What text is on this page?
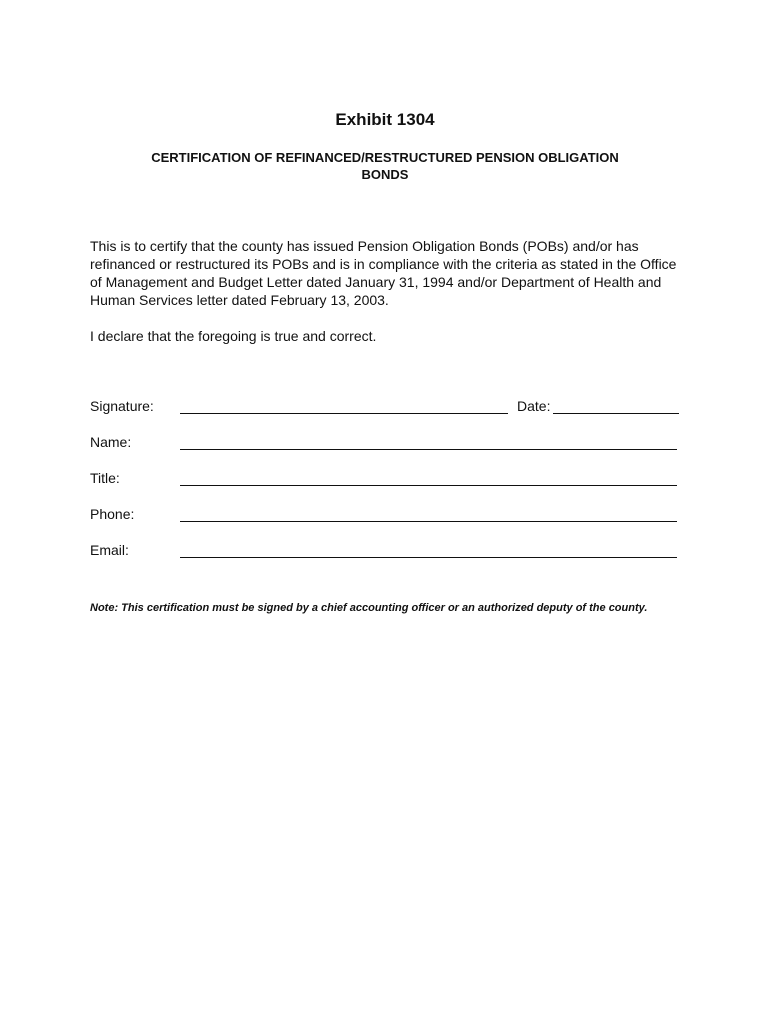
Exhibit 1304
CERTIFICATION OF REFINANCED/RESTRUCTURED PENSION OBLIGATION
BONDS
This is to certify that the county has issued Pension Obligation Bonds (POBs) and/or has refinanced or restructured its POBs and is in compliance with the criteria as stated in the Office of Management and Budget Letter dated January 31, 1994 and/or Department of Health and Human Services letter dated February 13, 2003.
I declare that the foregoing is true and correct.
Signature:	Date:
Name:
Title:
Phone:
Email:
Note: This certification must be signed by a chief accounting officer or an authorized deputy of the county.
